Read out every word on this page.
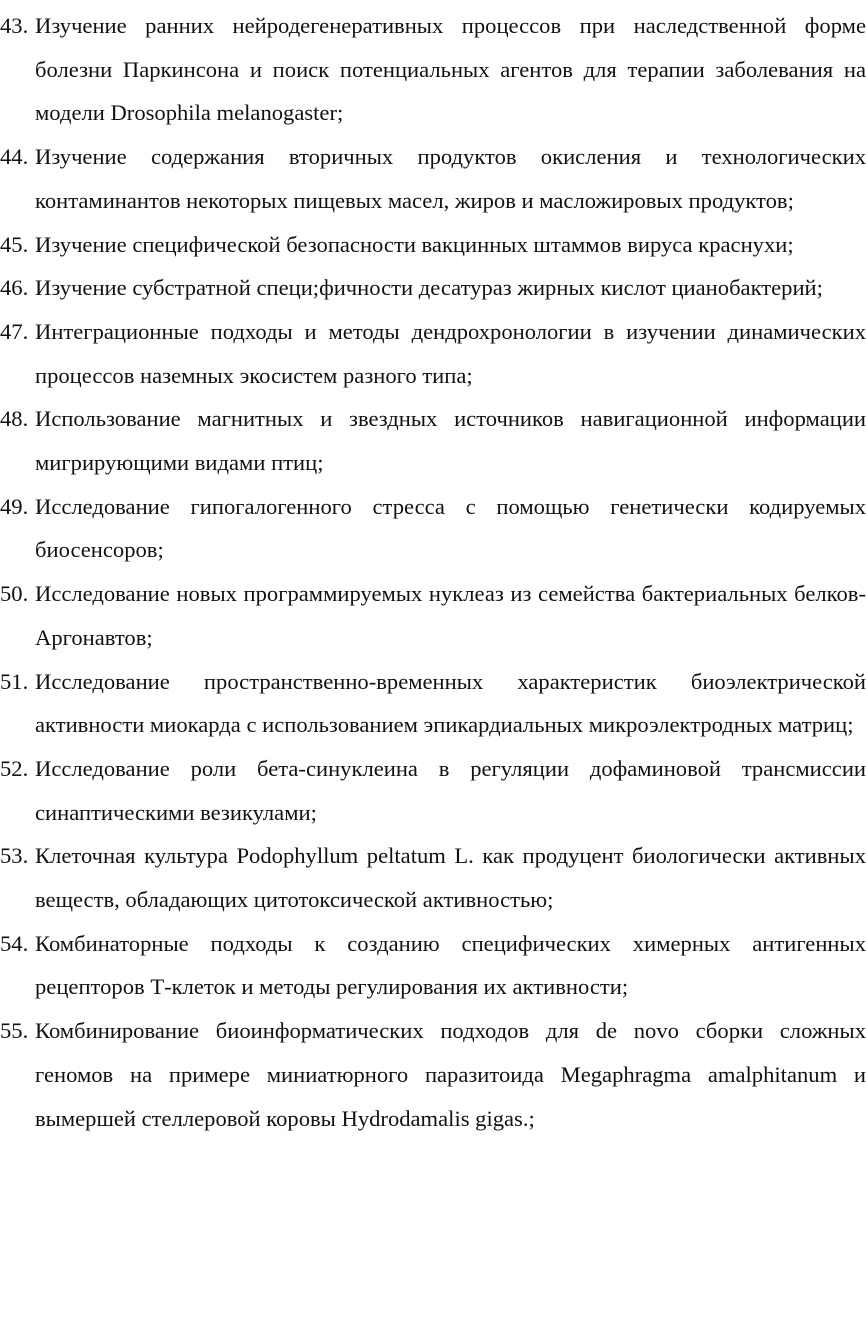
43. Изучение ранних нейродегенеративных процессов при наследственной форме болезни Паркинсона и поиск потенциальных агентов для терапии заболевания на модели Drosophila melanogaster;
44. Изучение содержания вторичных продуктов окисления и технологических контаминантов некоторых пищевых масел, жиров и масложировых продуктов;
45. Изучение специфической безопасности вакцинных штаммов вируса краснухи;
46. Изучение субстратной специ;фичности десатураз жирных кислот цианобактерий;
47. Интеграционные подходы и методы дендрохронологии в изучении динамических процессов наземных экосистем разного типа;
48. Использование магнитных и звездных источников навигационной информации мигрирующими видами птиц;
49. Исследование гипогалогенного стресса с помощью генетически кодируемых биосенсоров;
50. Исследование новых программируемых нуклеаз из семейства бактериальных белков-Аргонавтов;
51. Исследование пространственно-временных характеристик биоэлектрической активности миокарда с использованием эпикардиальных микроэлектродных матриц;
52. Исследование роли бета-синуклеина в регуляции дофаминовой трансмиссии синаптическими везикулами;
53. Клеточная культура Podophyllum peltatum L. как продуцент биологически активных веществ, обладающих цитотоксической активностью;
54. Комбинаторные подходы к созданию специфических химерных антигенных рецепторов Т-клеток и методы регулирования их активности;
55. Комбинирование биоинформатических подходов для de novo сборки сложных геномов на примере миниатюрного паразитоида Megaphragma amalphitanum и вымершей стеллеровой коровы Hydrodamalis gigas.;
